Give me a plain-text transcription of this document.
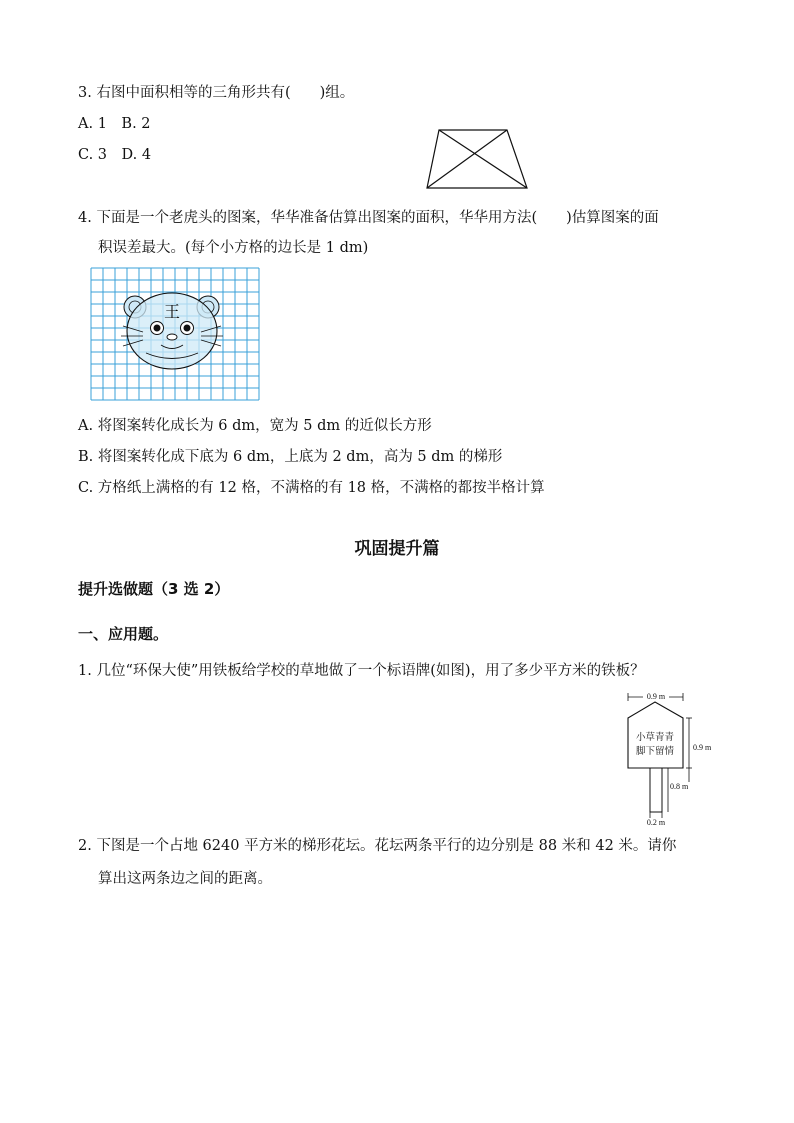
3. 右图中面积相等的三角形共有(　　)组。
A. 1　B. 2
C. 3　D. 4
4. 下面是一个老虎头的图案，华华准备估算出图案的面积，华华用方法(　　)估算图案的面
积误差最大。(每个小方格的边长是 1 dm)
王
A. 将图案转化成长为 6 dm，宽为 5 dm 的近似长方形
B. 将图案转化成下底为 6 dm，上底为 2 dm，高为 5 dm 的梯形
C. 方格纸上满格的有 12 格，不满格的有 18 格，不满格的都按半格计算
巩固提升篇
提升选做题（3 选 2）
一、应用题。
1. 几位“环保大使”用铁板给学校的草地做了一个标语牌(如图)，用了多少平方米的铁板？
0.9 m
小草青青
脚下留情 0.9 m
0.8 m
0.2 m
2. 下图是一个占地 6240 平方米的梯形花坛。花坛两条平行的边分别是 88 米和 42 米。请你
算出这两条边之间的距离。
